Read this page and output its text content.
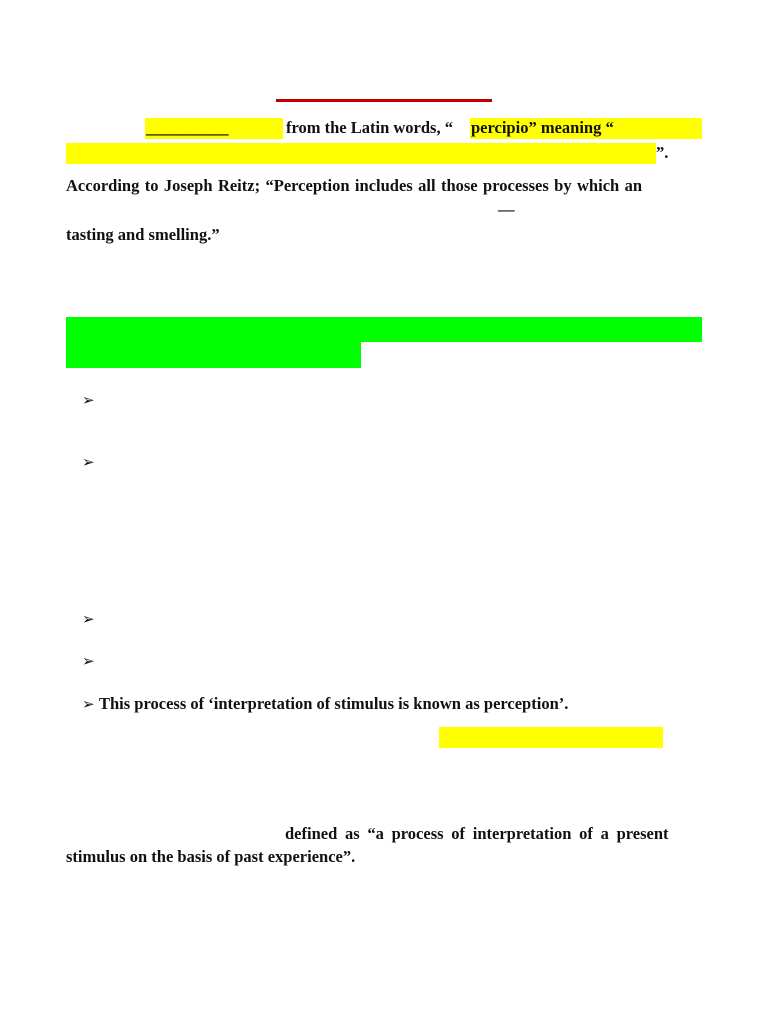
__________	from the Latin words, “ percipio” meaning “
”.
According to Joseph Reitz; “Perception includes all those processes by which an
—
tasting and smelling.”
➢
➢
➢
➢
➢ This process of ‘interpretation of stimulus is known as perception’.
defined as “a process of interpretation of a present
stimulus on the basis of past experience”.
